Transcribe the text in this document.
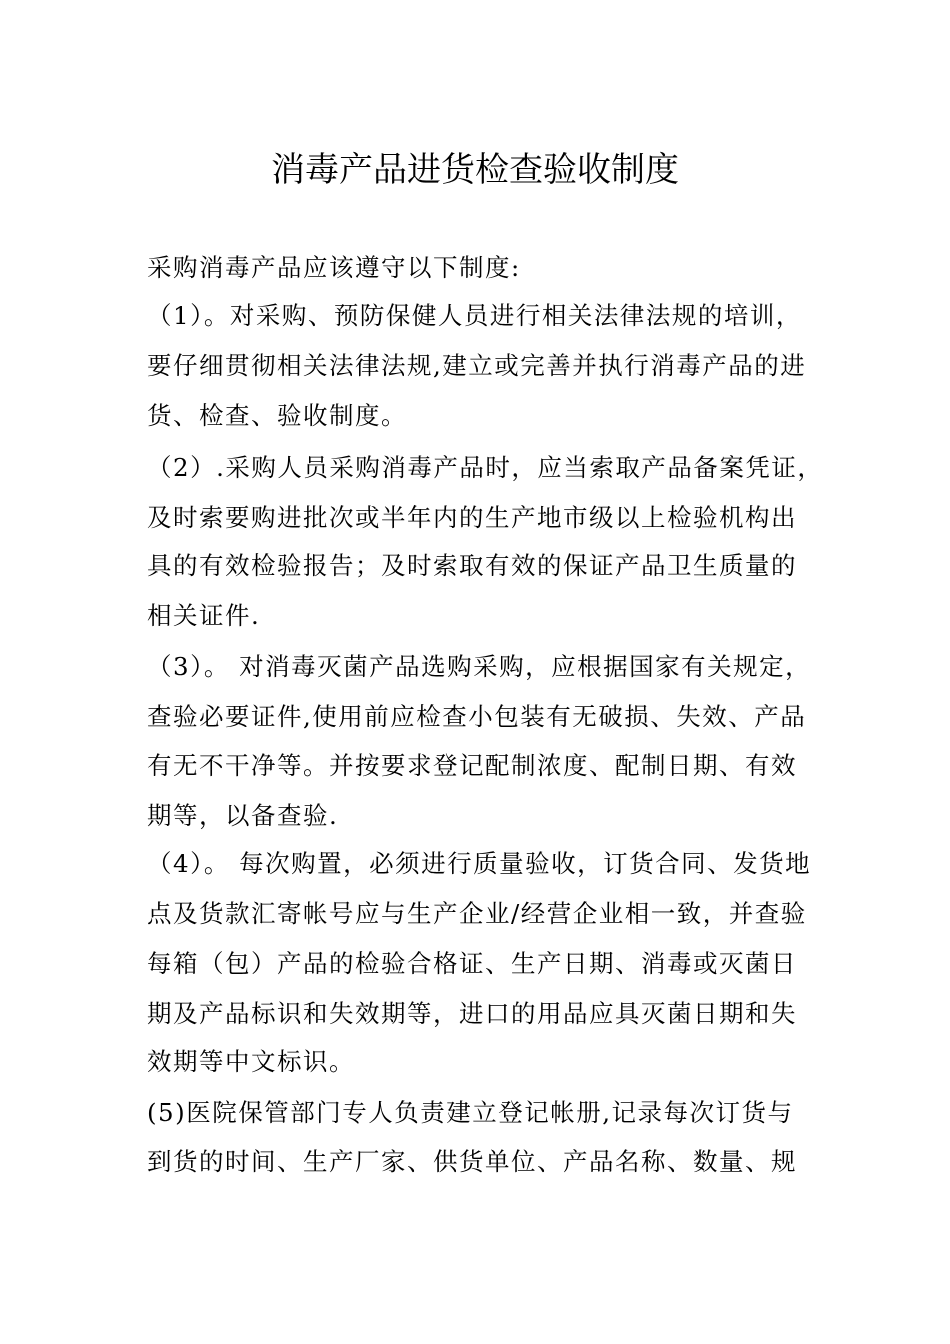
消毒产品进货检查验收制度
采购消毒产品应该遵守以下制度:
（1）。对采购、预防保健人员进行相关法律法规的培训，
要仔细贯彻相关法律法规,建立或完善并执行消毒产品的进
货、检查、验收制度。
（2）.采购人员采购消毒产品时，应当索取产品备案凭证，
及时索要购进批次或半年内的生产地市级以上检验机构出
具的有效检验报告；及时索取有效的保证产品卫生质量的
相关证件.
（3）。 对消毒灭菌产品选购采购，应根据国家有关规定，
查验必要证件,使用前应检查小包装有无破损、失效、产品
有无不干净等。并按要求登记配制浓度、配制日期、有效
期等，以备查验.
（4）。 每次购置，必须进行质量验收，订货合同、发货地
点及货款汇寄帐号应与生产企业/经营企业相一致，并查验
每箱（包）产品的检验合格证、生产日期、消毒或灭菌日
期及产品标识和失效期等，进口的用品应具灭菌日期和失
效期等中文标识。
(5)医院保管部门专人负责建立登记帐册,记录每次订货与
到货的时间、生产厂家、供货单位、产品名称、数量、规
